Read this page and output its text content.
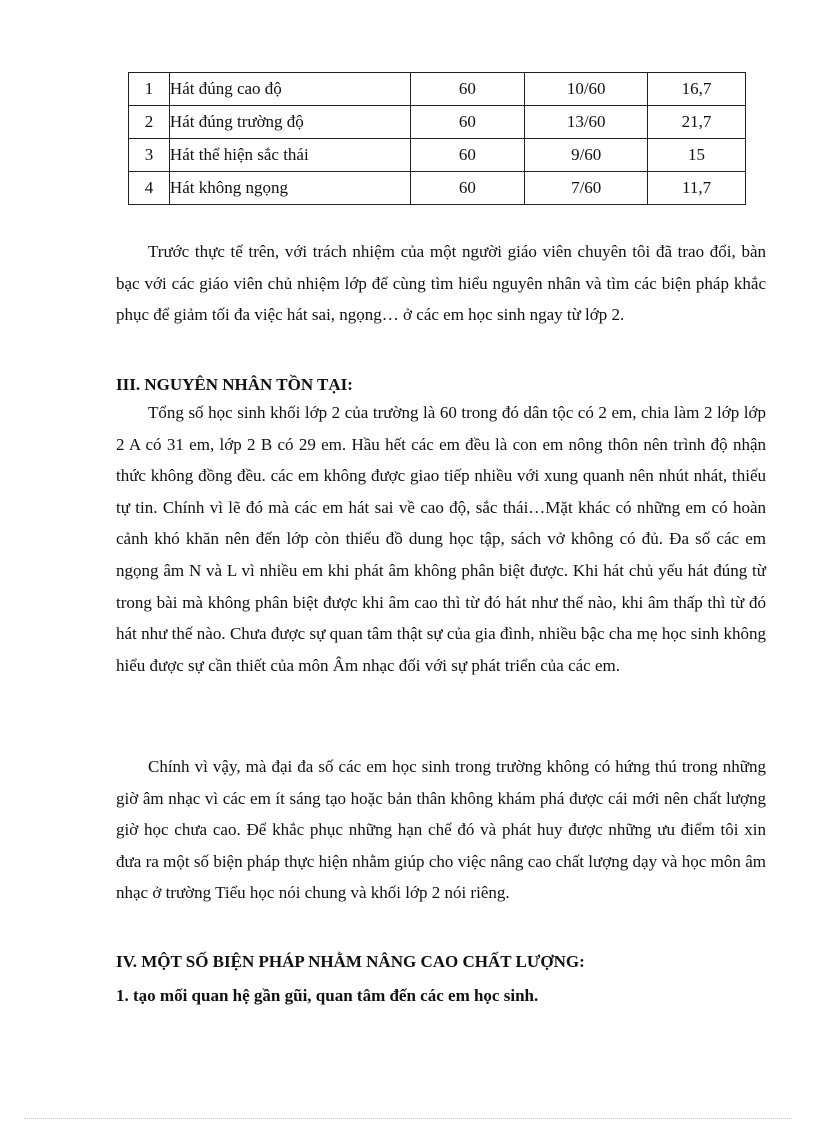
1	Hát đúng cao độ	60	10/60	16,7
2	Hát đúng trường độ	60	13/60	21,7
3	Hát thể hiện sắc thái	60	9/60	15
4	Hát không ngọng	60	7/60	11,7

Trước thực tế trên, với trách nhiệm của một người giáo viên chuyên tôi đã trao đổi, bàn bạc với các giáo viên chủ nhiệm lớp để cùng tìm hiểu nguyên nhân và tìm các biện pháp khắc phục để giảm tối đa việc hát sai, ngọng… ở các em học sinh ngay từ lớp 2.

III. NGUYÊN NHÂN TỒN TẠI:

Tổng số học sinh khối lớp 2 của trường là 60 trong đó dân tộc có 2 em, chia làm 2 lớp lớp 2 A có 31 em, lớp 2 B có 29 em. Hầu hết các em đều là con em nông thôn nên trình độ nhận thức không đồng đều. các em không được giao tiếp nhiều với xung quanh nên nhút nhát, thiếu tự tin. Chính vì lẽ đó mà các em hát sai về cao độ, sắc thái…Mặt khác có những em có hoàn cảnh khó khăn nên đến lớp còn thiếu đồ dung học tập, sách vở không có đủ. Đa số các em ngọng âm N và L vì nhiều em khi phát âm không phân biệt được. Khi hát chủ yếu hát đúng từ trong bài mà không phân biệt được khi âm cao thì từ đó hát như thế nào, khi âm thấp thì từ đó hát như thế nào. Chưa được sự quan tâm thật sự của gia đình, nhiều bậc cha mẹ học sinh không hiểu được sự cần thiết của môn Âm nhạc đối với sự phát triển của các em.

Chính vì vậy, mà đại đa số các em học sinh trong trường không có hứng thú trong những giờ âm nhạc vì các em ít sáng tạo hoặc bản thân không khám phá được cái mới nên chất lượng giờ học chưa cao. Để khắc phục những hạn chế đó và phát huy được những ưu điểm tôi xin đưa ra một số biện pháp thực hiện nhằm giúp cho việc nâng cao chất lượng dạy và học môn âm nhạc ở trường Tiểu học nói chung và khối lớp 2 nói riêng.

IV. MỘT SỐ BIỆN PHÁP NHẰM NÂNG CAO CHẤT LƯỢNG:
1. tạo mối quan hệ gần gũi, quan tâm đến các em học sinh.
